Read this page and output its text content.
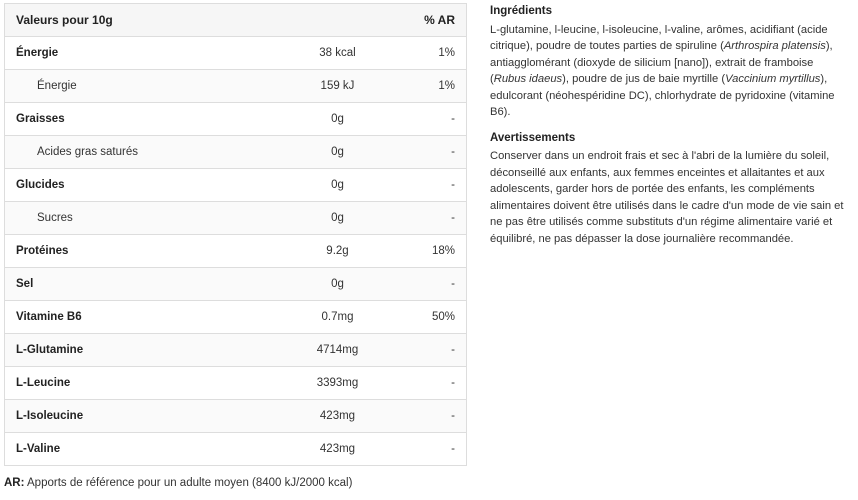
Valeurs pour 10g		% AR
Énergie	38 kcal	1%
Énergie	159 kJ	1%
Graisses	0g	-
Acides gras saturés	0g	-
Glucides	0g	-
Sucres	0g	-
Protéines	9.2g	18%
Sel	0g	-
Vitamine B6	0.7mg	50%
L-Glutamine	4714mg	-
L-Leucine	3393mg	-
L-Isoleucine	423mg	-
L-Valine	423mg	-
AR: Apports de référence pour un adulte moyen (8400 kJ/2000 kcal)
Ingrédients

L-glutamine, l-leucine, l-isoleucine, l-valine, arômes, acidifiant (acide citrique), poudre de toutes parties de spiruline (Arthrospira platensis), antiagglomérant (dioxyde de silicium [nano]), extrait de framboise (Rubus idaeus), poudre de jus de baie myrtille (Vaccinium myrtillus), edulcorant (néohespéridine DC), chlorhydrate de pyridoxine (vitamine B6).

Avertissements

Conserver dans un endroit frais et sec à l'abri de la lumière du soleil, déconseillé aux enfants, aux femmes enceintes et allaitantes et aux adolescents, garder hors de portée des enfants, les compléments alimentaires doivent être utilisés dans le cadre d'un mode de vie sain et ne pas être utilisés comme substituts d'un régime alimentaire varié et équilibré, ne pas dépasser la dose journalière recommandée.
